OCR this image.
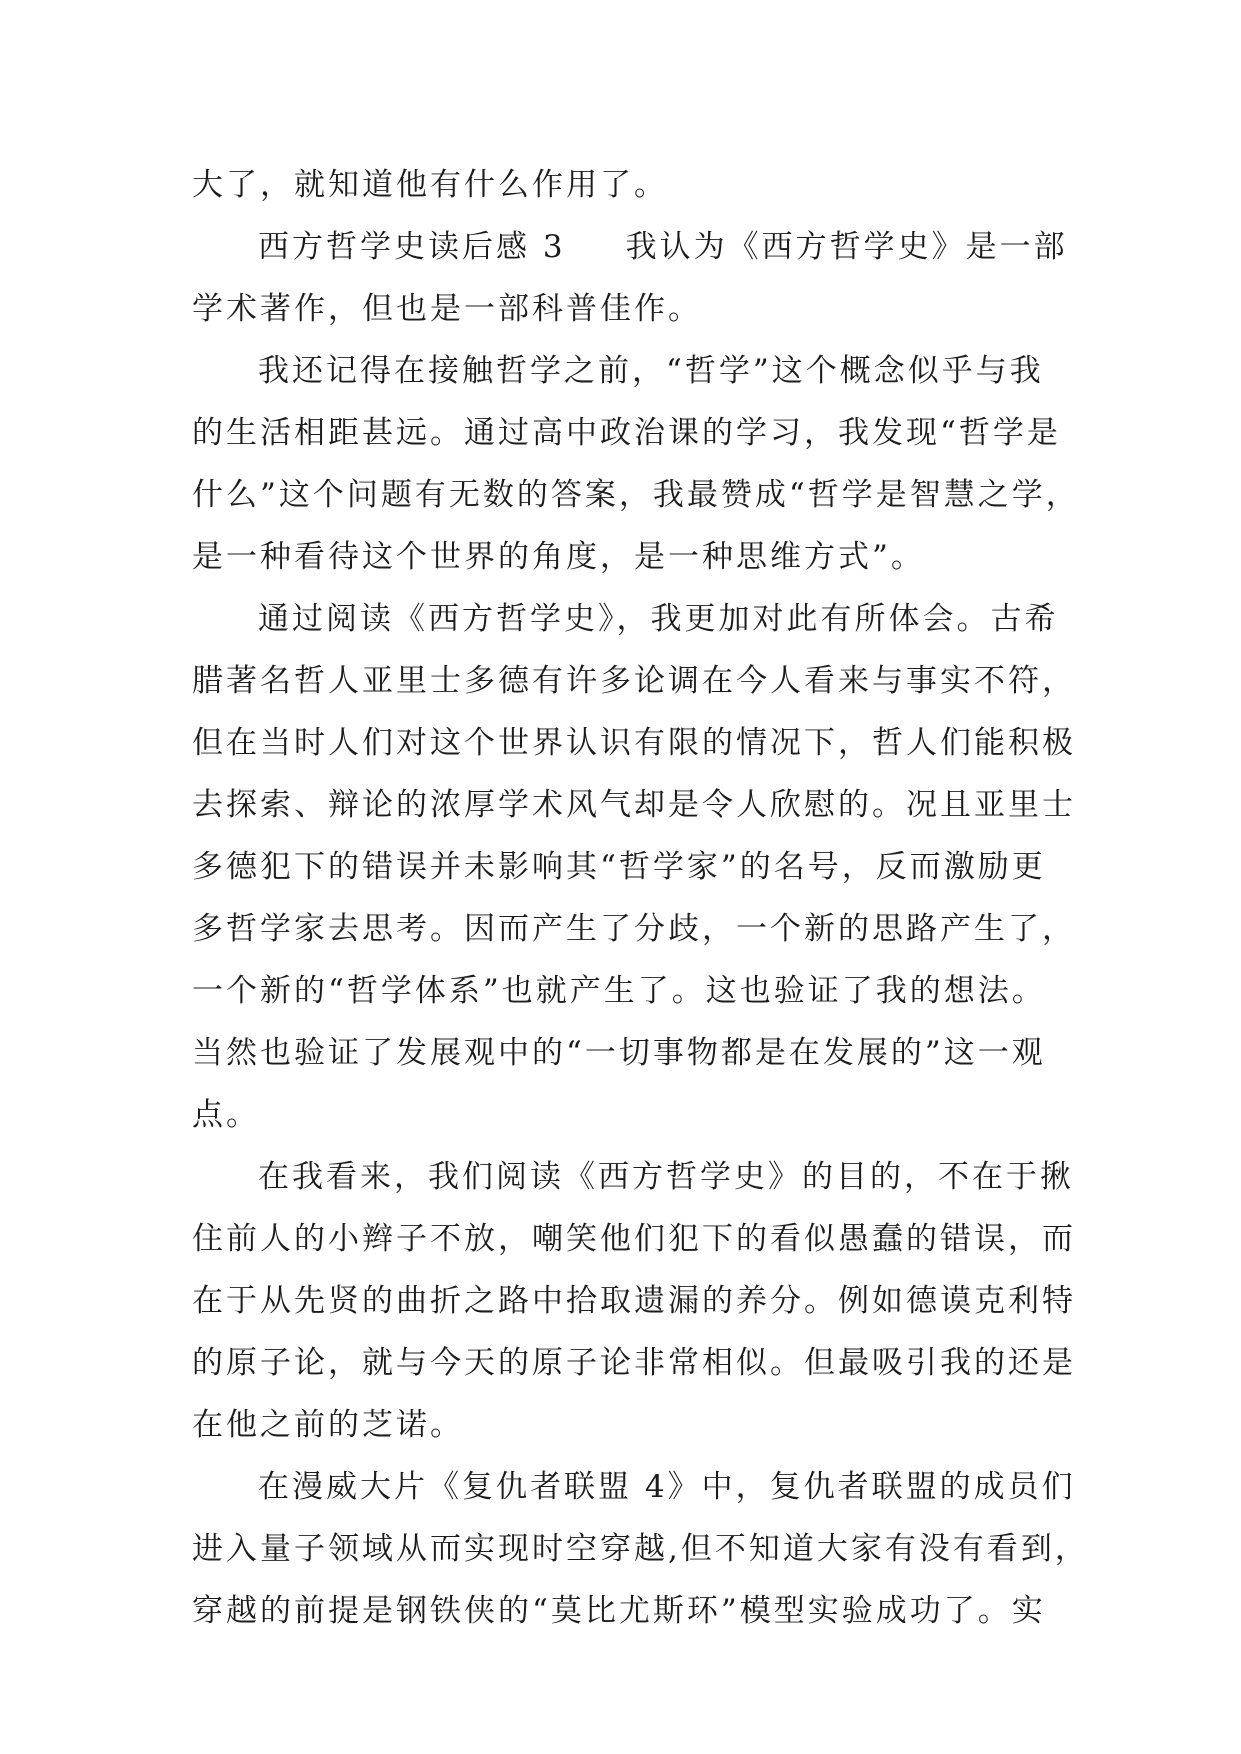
大了，就知道他有什么作用了。
西方哲学史读后感 3 我认为《西方哲学史》是一部
学术著作，但也是一部科普佳作。
我还记得在接触哲学之前，“哲学”这个概念似乎与我
的生活相距甚远。通过高中政治课的学习，我发现“哲学是
什么”这个问题有无数的答案，我最赞成“哲学是智慧之学，
是一种看待这个世界的角度，是一种思维方式”。
通过阅读《西方哲学史》，我更加对此有所体会。古希
腊著名哲人亚里士多德有许多论调在今人看来与事实不符，
但在当时人们对这个世界认识有限的情况下，哲人们能积极
去探索、辩论的浓厚学术风气却是令人欣慰的。况且亚里士
多德犯下的错误并未影响其“哲学家”的名号，反而激励更
多哲学家去思考。因而产生了分歧，一个新的思路产生了，
一个新的“哲学体系”也就产生了。这也验证了我的想法。
当然也验证了发展观中的“一切事物都是在发展的”这一观
点。
在我看来，我们阅读《西方哲学史》的目的，不在于揪
住前人的小辫子不放，嘲笑他们犯下的看似愚蠢的错误，而
在于从先贤的曲折之路中拾取遗漏的养分。例如德谟克利特
的原子论，就与今天的原子论非常相似。但最吸引我的还是
在他之前的芝诺。
在漫威大片《复仇者联盟 4》中，复仇者联盟的成员们
进入量子领域从而实现时空穿越,但不知道大家有没有看到，
穿越的前提是钢铁侠的“莫比尤斯环”模型实验成功了。实
